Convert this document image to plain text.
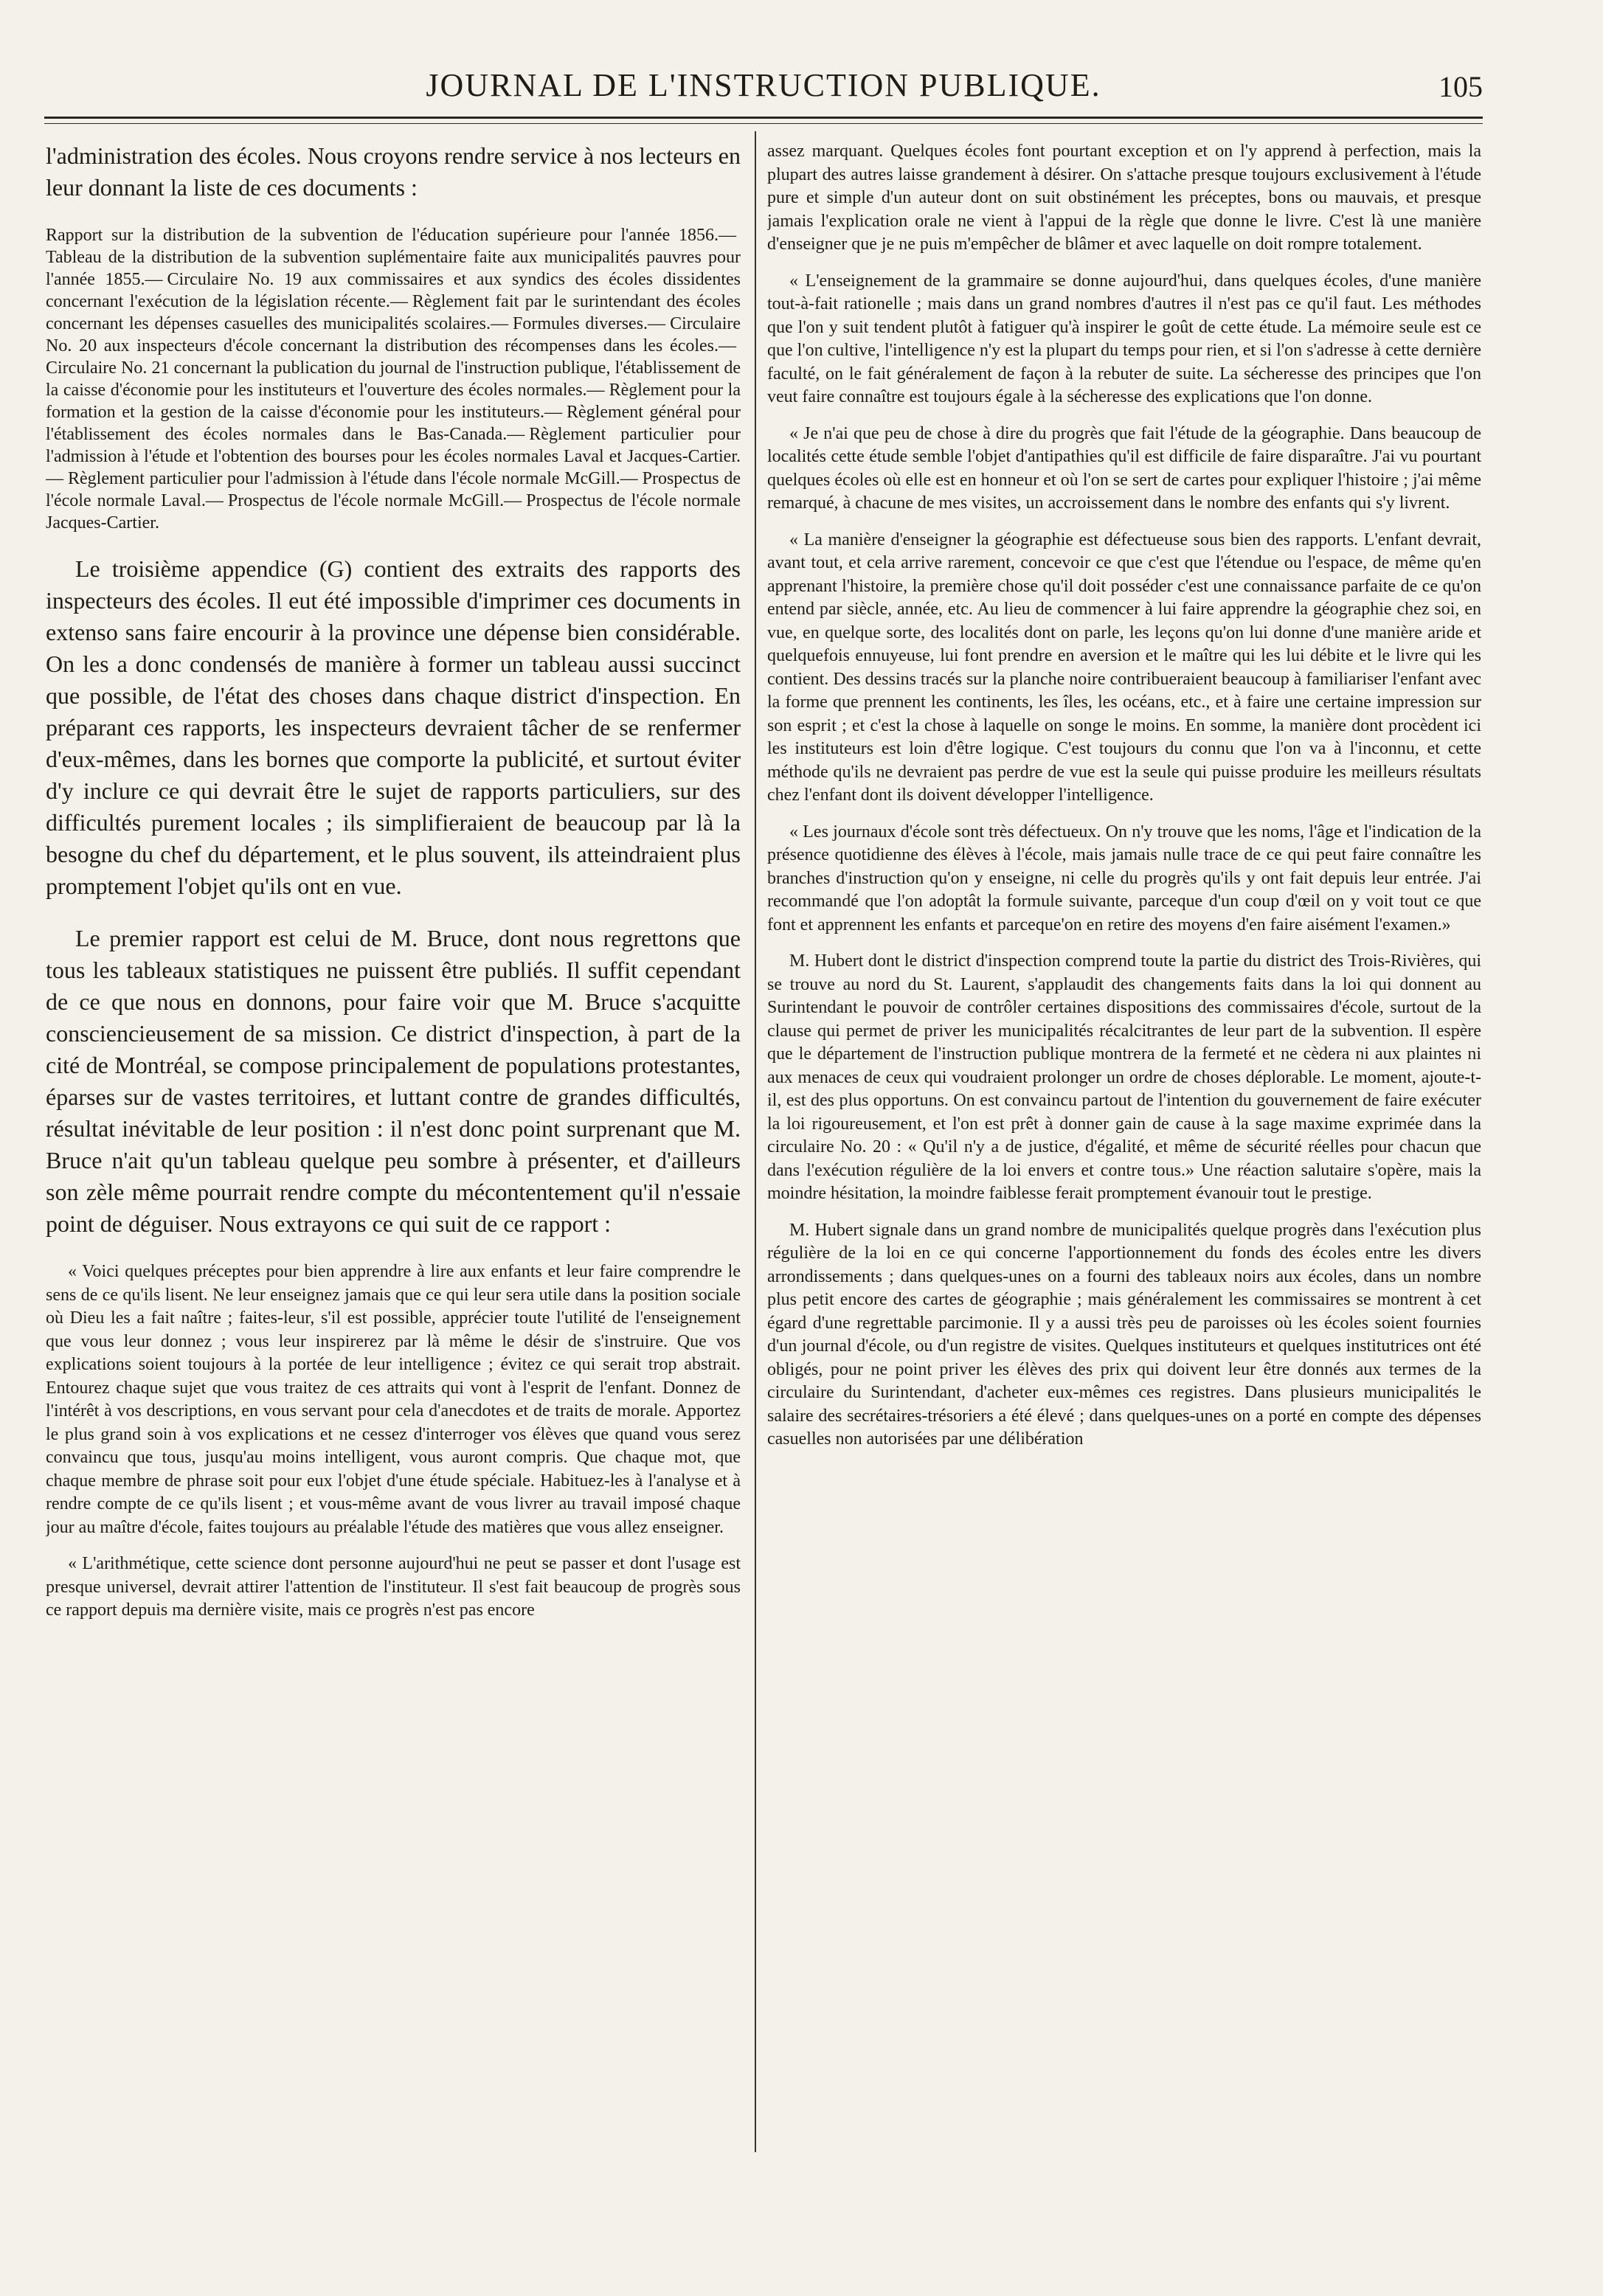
JOURNAL DE L'INSTRUCTION PUBLIQUE.	105

l'administration des écoles. Nous croyons rendre service à nos lecteurs en leur donnant la liste de ces documents :

Rapport sur la distribution de la subvention de l'éducation supérieure pour l'année 1856.—Tableau de la distribution de la subvention suplémentaire faite aux municipalités pauvres pour l'année 1855.— Circulaire No. 19 aux commissaires et aux syndics des écoles dissidentes concernant l'exécution de la législation récente.— Règlement fait par le surintendant des écoles concernant les dépenses casuelles des municipalités scolaires.— Formules diverses.— Circulaire No. 20 aux inspecteurs d'école concernant la distribution des récompenses dans les écoles.—Circulaire No. 21 concernant la publication du journal de l'instruction publique, l'établissement de la caisse d'économie pour les instituteurs et l'ouverture des écoles normales.— Règlement pour la formation et la gestion de la caisse d'économie pour les instituteurs.— Règlement général pour l'établissement des écoles normales dans le Bas-Canada.— Règlement particulier pour l'admission à l'étude et l'obtention des bourses pour les écoles normales Laval et Jacques-Cartier.— Règlement particulier pour l'admission à l'étude dans l'école normale McGill.— Prospectus de l'école normale Laval.— Prospectus de l'école normale McGill.— Prospectus de l'école normale Jacques-Cartier.

Le troisième appendice (G) contient des extraits des rapports des inspecteurs des écoles. Il eut été impossible d'imprimer ces documents in extenso sans faire encourir à la province une dépense bien considérable. On les a donc condensés de manière à former un tableau aussi succinct que possible, de l'état des choses dans chaque district d'inspection. En préparant ces rapports, les inspecteurs devraient tâcher de se renfermer d'eux-mêmes, dans les bornes que comporte la publicité, et surtout éviter d'y inclure ce qui devrait être le sujet de rapports particuliers, sur des difficultés purement locales ; ils simplifieraient de beaucoup par là la besogne du chef du département, et le plus souvent, ils atteindraient plus promptement l'objet qu'ils ont en vue.

Le premier rapport est celui de M. Bruce, dont nous regrettons que tous les tableaux statistiques ne puissent être publiés. Il suffit cependant de ce que nous en donnons, pour faire voir que M. Bruce s'acquitte consciencieusement de sa mission. Ce district d'inspection, à part de la cité de Montréal, se compose principalement de populations protestantes, éparses sur de vastes territoires, et luttant contre de grandes difficultés, résultat inévitable de leur position : il n'est donc point surprenant que M. Bruce n'ait qu'un tableau quelque peu sombre à présenter, et d'ailleurs son zèle même pourrait rendre compte du mécontentement qu'il n'essaie point de déguiser. Nous extrayons ce qui suit de ce rapport :

« Voici quelques préceptes pour bien apprendre à lire aux enfants et leur faire comprendre le sens de ce qu'ils lisent. Ne leur enseignez jamais que ce qui leur sera utile dans la position sociale où Dieu les a fait naître ; faites-leur, s'il est possible, apprécier toute l'utilité de l'enseignement que vous leur donnez ; vous leur inspirerez par là même le désir de s'instruire. Que vos explications soient toujours à la portée de leur intelligence ; évitez ce qui serait trop abstrait. Entourez chaque sujet que vous traitez de ces attraits qui vont à l'esprit de l'enfant. Donnez de l'intérêt à vos descriptions, en vous servant pour cela d'anecdotes et de traits de morale. Apportez le plus grand soin à vos explications et ne cessez d'interroger vos élèves que quand vous serez convaincu que tous, jusqu'au moins intelligent, vous auront compris. Que chaque mot, que chaque membre de phrase soit pour eux l'objet d'une étude spéciale. Habituez-les à l'analyse et à rendre compte de ce qu'ils lisent ; et vous-même avant de vous livrer au travail imposé chaque jour au maître d'école, faites toujours au préalable l'étude des matières que vous allez enseigner.

« L'arithmétique, cette science dont personne aujourd'hui ne peut se passer et dont l'usage est presque universel, devrait attirer l'attention de l'instituteur. Il s'est fait beaucoup de progrès sous ce rapport depuis ma dernière visite, mais ce progrès n'est pas encore

assez marquant. Quelques écoles font pourtant exception et on l'y apprend à perfection, mais la plupart des autres laisse grandement à désirer. On s'attache presque toujours exclusivement à l'étude pure et simple d'un auteur dont on suit obstinément les préceptes, bons ou mauvais, et presque jamais l'explication orale ne vient à l'appui de la règle que donne le livre. C'est là une manière d'enseigner que je ne puis m'empêcher de blâmer et avec laquelle on doit rompre totalement.

« L'enseignement de la grammaire se donne aujourd'hui, dans quelques écoles, d'une manière tout-à-fait rationelle ; mais dans un grand nombres d'autres il n'est pas ce qu'il faut. Les méthodes que l'on y suit tendent plutôt à fatiguer qu'à inspirer le goût de cette étude. La mémoire seule est ce que l'on cultive, l'intelligence n'y est la plupart du temps pour rien, et si l'on s'adresse à cette dernière faculté, on le fait généralement de façon à la rebuter de suite. La sécheresse des principes que l'on veut faire connaître est toujours égale à la sécheresse des explications que l'on donne.

« Je n'ai que peu de chose à dire du progrès que fait l'étude de la géographie. Dans beaucoup de localités cette étude semble l'objet d'antipathies qu'il est difficile de faire disparaître. J'ai vu pourtant quelques écoles où elle est en honneur et où l'on se sert de cartes pour expliquer l'histoire ; j'ai même remarqué, à chacune de mes visites, un accroissement dans le nombre des enfants qui s'y livrent.

« La manière d'enseigner la géographie est défectueuse sous bien des rapports. L'enfant devrait, avant tout, et cela arrive rarement, concevoir ce que c'est que l'étendue ou l'espace, de même qu'en apprenant l'histoire, la première chose qu'il doit posséder c'est une connaissance parfaite de ce qu'on entend par siècle, année, etc. Au lieu de commencer à lui faire apprendre la géographie chez soi, en vue, en quelque sorte, des localités dont on parle, les leçons qu'on lui donne d'une manière aride et quelquefois ennuyeuse, lui font prendre en aversion et le maître qui les lui débite et le livre qui les contient. Des dessins tracés sur la planche noire contribueraient beaucoup à familiariser l'enfant avec la forme que prennent les continents, les îles, les océans, etc., et à faire une certaine impression sur son esprit ; et c'est la chose à laquelle on songe le moins. En somme, la manière dont procèdent ici les instituteurs est loin d'être logique. C'est toujours du connu que l'on va à l'inconnu, et cette méthode qu'ils ne devraient pas perdre de vue est la seule qui puisse produire les meilleurs résultats chez l'enfant dont ils doivent développer l'intelligence.

« Les journaux d'école sont très défectueux. On n'y trouve que les noms, l'âge et l'indication de la présence quotidienne des élèves à l'école, mais jamais nulle trace de ce qui peut faire connaître les branches d'instruction qu'on y enseigne, ni celle du progrès qu'ils y ont fait depuis leur entrée. J'ai recommandé que l'on adoptât la formule suivante, parceque d'un coup d'œil on y voit tout ce que font et apprennent les enfants et parceque'on en retire des moyens d'en faire aisément l'examen.»

M. Hubert dont le district d'inspection comprend toute la partie du district des Trois-Rivières, qui se trouve au nord du St. Laurent, s'applaudit des changements faits dans la loi qui donnent au Surintendant le pouvoir de contrôler certaines dispositions des commissaires d'école, surtout de la clause qui permet de priver les municipalités récalcitrantes de leur part de la subvention. Il espère que le département de l'instruction publique montrera de la fermeté et ne cèdera ni aux plaintes ni aux menaces de ceux qui voudraient prolonger un ordre de choses déplorable. Le moment, ajoute-t-il, est des plus opportuns. On est convaincu partout de l'intention du gouvernement de faire exécuter la loi rigoureusement, et l'on est prêt à donner gain de cause à la sage maxime exprimée dans la circulaire No. 20 : « Qu'il n'y a de justice, d'égalité, et même de sécurité réelles pour chacun que dans l'exécution régulière de la loi envers et contre tous.» Une réaction salutaire s'opère, mais la moindre hésitation, la moindre faiblesse ferait promptement évanouir tout le prestige.

M. Hubert signale dans un grand nombre de municipalités quelque progrès dans l'exécution plus régulière de la loi en ce qui concerne l'apportionnement du fonds des écoles entre les divers arrondissements ; dans quelques-unes on a fourni des tableaux noirs aux écoles, dans un nombre plus petit encore des cartes de géographie ; mais généralement les commissaires se montrent à cet égard d'une regrettable parcimonie. Il y a aussi très peu de paroisses où les écoles soient fournies d'un journal d'école, ou d'un registre de visites. Quelques instituteurs et quelques institutrices ont été obligés, pour ne point priver les élèves des prix qui doivent leur être donnés aux termes de la circulaire du Surintendant, d'acheter eux-mêmes ces registres. Dans plusieurs municipalités le salaire des secrétaires-trésoriers a été élevé ; dans quelques-unes on a porté en compte des dépenses casuelles non autorisées par une délibération
